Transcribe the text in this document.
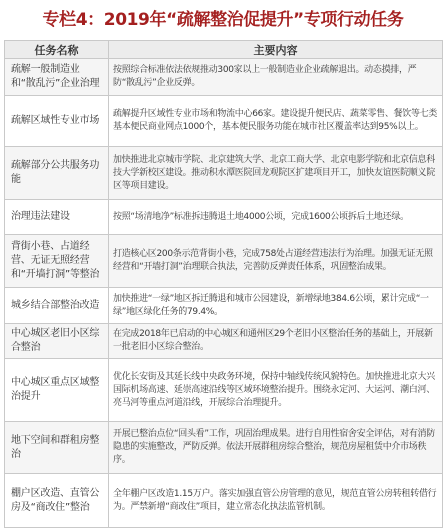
专栏4：2019年“疏解整治促提升”专项行动任务
任务名称	主要内容
疏解一般制造业和“散乱污”企业治理	按照综合标准依法依规推动300家以上一般制造业企业疏解退出。动态摸排，严防“散乱污”企业反弹。
疏解区域性专业市场	疏解提升区域性专业市场和物流中心66家。建设提升便民店、蔬菜零售、餐饮等七类基本便民商业网点1000个，基本便民服务功能在城市社区覆盖率达到95%以上。
疏解部分公共服务功能	加快推进北京城市学院、北京建筑大学、北京工商大学、北京电影学院和北京信息科技大学新校区建设。推动积水潭医院回龙观院区扩建项目开工，加快友谊医院顺义院区等项目建设。
治理违法建设	按照“场清地净”标准拆违腾退土地4000公顷，完成1600公顷拆后土地还绿。
背街小巷、占道经营、无证无照经营和“开墙打洞”等整治	打造核心区200条示范背街小巷，完成758处占道经营违法行为治理。加强无证无照经营和“开墙打洞”治理联合执法，完善防反弹责任体系，巩固整治成果。
城乡结合部整治改造	加快推进“一绿”地区拆迁腾退和城市公园建设，新增绿地384.6公顷，累计完成“一绿”地区绿化任务的79.4%。
中心城区老旧小区综合整治	在完成2018年已启动的中心城区和通州区29个老旧小区整治任务的基础上，开展新一批老旧小区综合整治。
中心城区重点区域整治提升	优化长安街及其延长线中央政务环境，保持中轴线传统风貌特色。加快推进北京大兴国际机场高速、延崇高速沿线等区域环境整治提升。围绕永定河、大运河、潮白河、亮马河等重点河道沿线，开展综合治理提升。
地下空间和群租房整治	开展已整治点位“回头看”工作，巩固治理成果。进行自用性宿舍安全评估，对有消防隐患的实施整改，严防反弹。依法开展群租房综合整治，规范房屋租赁中介市场秩序。
棚户区改造、直管公房及“商改住”整治	全年棚户区改造1.15万户。落实加强直管公房管理的意见，规范直管公房转租转借行为。严禁新增“商改住”项目，建立常态化执法监管机制。
